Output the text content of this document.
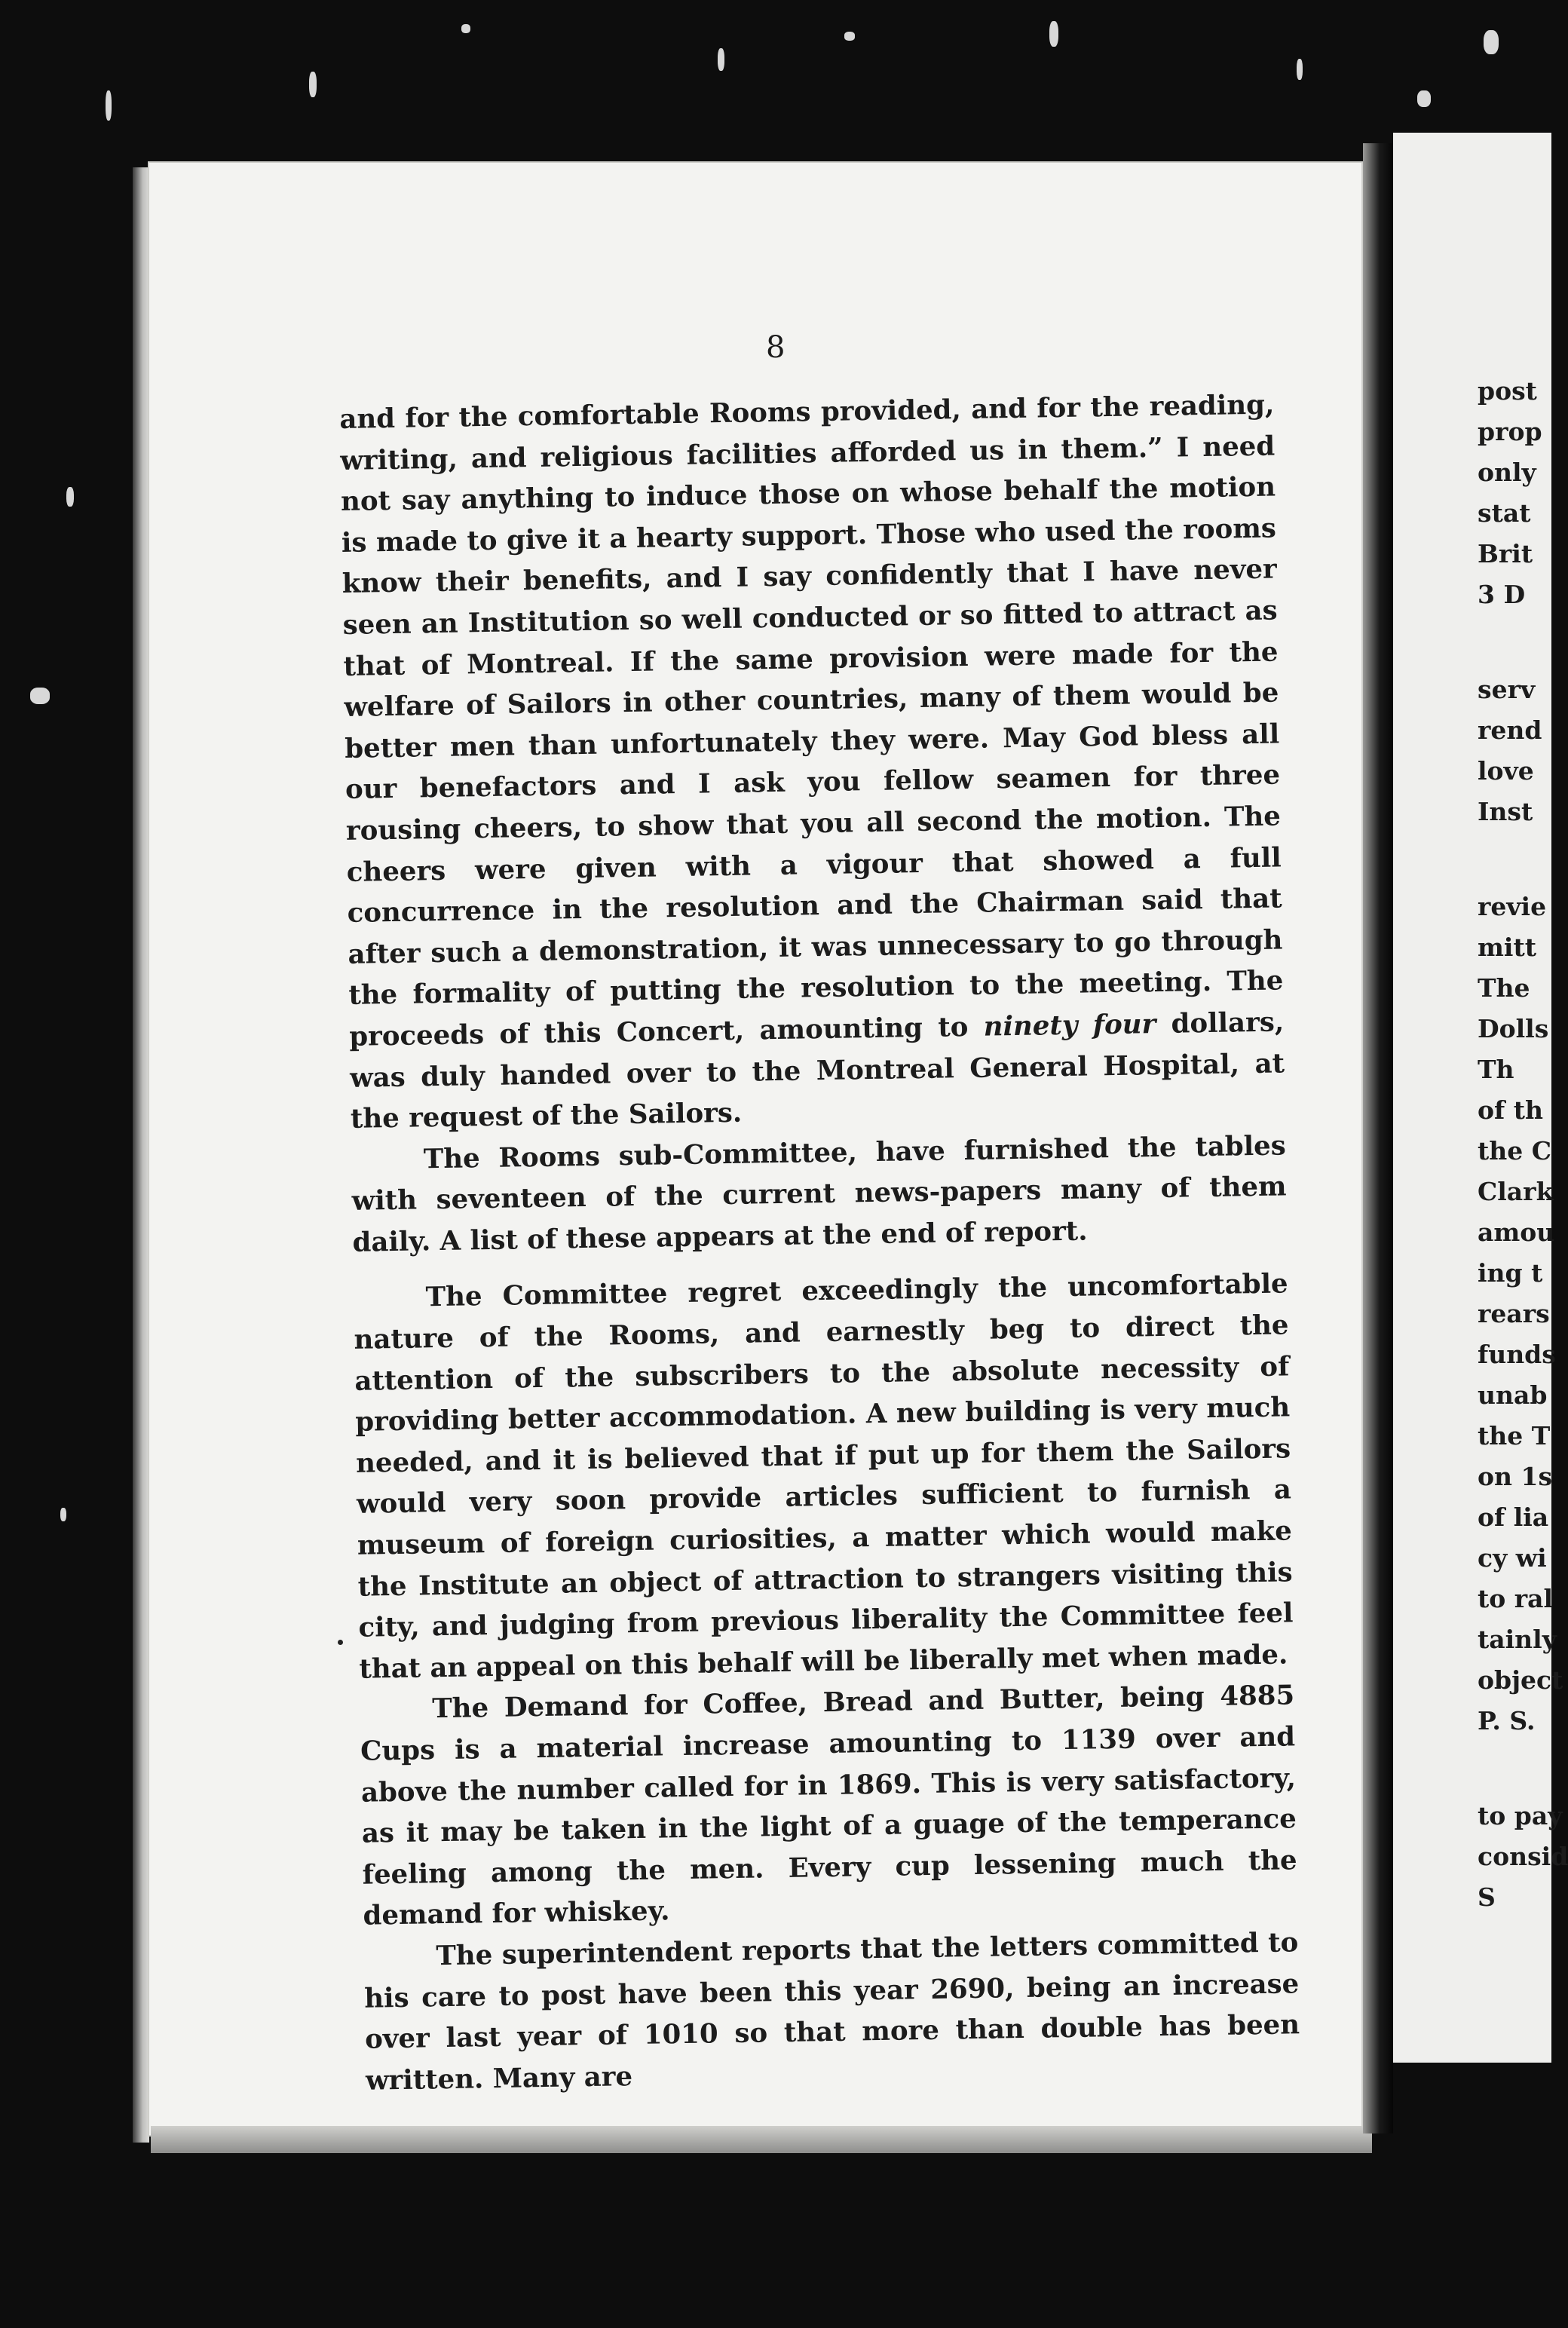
8

and for the comfortable Rooms provided, and for the reading, writing, and religious facilities afforded us in them.” I need not say anything to induce those on whose behalf the motion is made to give it a hearty support. Those who used the rooms know their benefits, and I say confidently that I have never seen an Institution so well conducted or so fitted to attract as that of Montreal. If the same provision were made for the welfare of Sailors in other countries, many of them would be better men than unfortunately they were. May God bless all our benefactors and I ask you fellow seamen for three rousing cheers, to show that you all second the motion. The cheers were given with a vigour that showed a full concurrence in the resolution and the Chairman said that after such a demonstration, it was unnecessary to go through the formality of putting the resolution to the meeting. The proceeds of this Concert, amounting to ninety four dollars, was duly handed over to the Montreal General Hospital, at the request of the Sailors.

The Rooms sub-Committee, have furnished the tables with seventeen of the current news-papers many of them daily. A list of these appears at the end of report.

The Committee regret exceedingly the uncomfortable nature of the Rooms, and earnestly beg to direct the attention of the subscribers to the absolute necessity of providing better accommodation. A new building is very much needed, and it is believed that if put up for them the Sailors would very soon provide articles sufficient to furnish a museum of foreign curiosities, a matter which would make the Institute an object of attraction to strangers visiting this city, and judging from previous liberality the Committee feel that an appeal on this behalf will be liberally met when made.

The Demand for Coffee, Bread and Butter, being 4885 Cups is a material increase amounting to 1139 over and above the number called for in 1869. This is very satisfactory, as it may be taken in the light of a guage of the temperance feeling among the men. Every cup lessening much the demand for whiskey.

The superintendent reports that the letters committed to his care to post have been this year 2690, being an increase over last year of 1010 so that more than double has been written. Many are

post
prop
only
stat
Brit
3 D
serv
rend
love
Inst
revie
mitt
The
Dolls
Th
of th
the C
Clark
amou
ing t
rears
funds
unab
the T
on 1s
of lia
cy wi
to ral
tainly
object
P. S.
to pay
consid
S
